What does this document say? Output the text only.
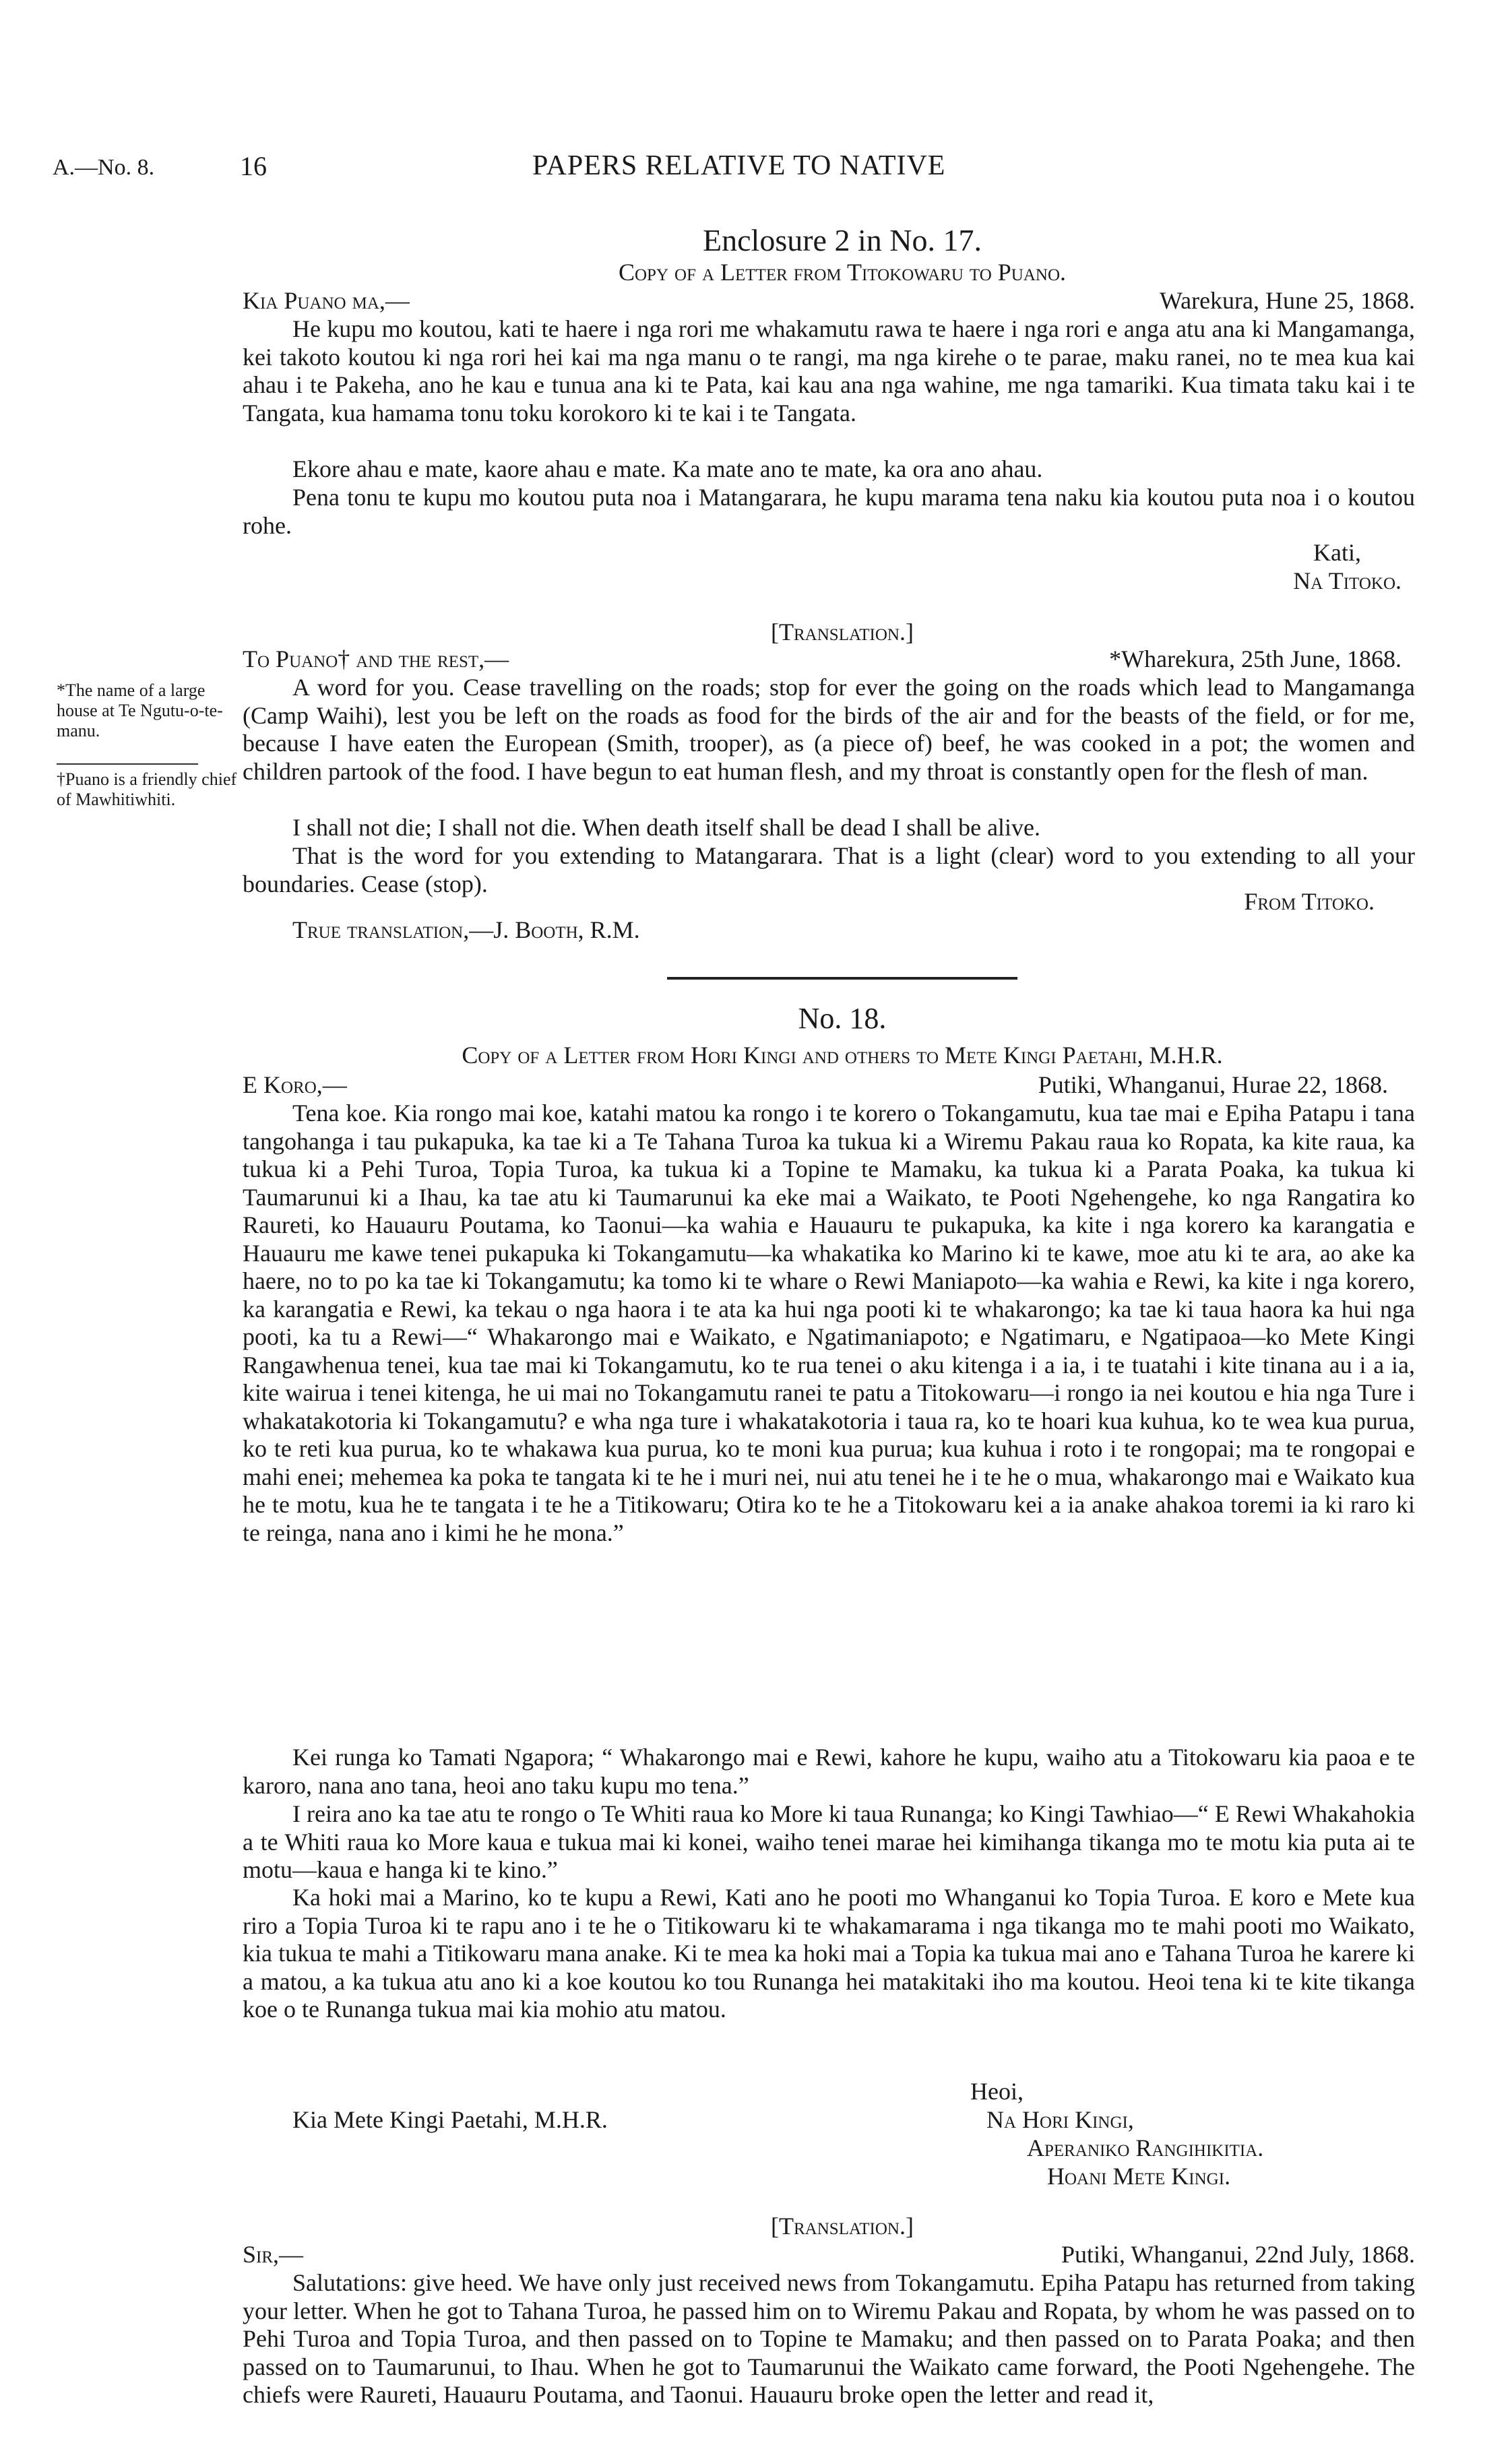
A.—No. 8.	16	PAPERS RELATIVE TO NATIVE
*The name of a large house at Te Ngutu-o-te-manu.
†Puano is a friendly chief of Mawhitiwhiti.
Enclosure 2 in No. 17.
Copy of a Letter from Titokowaru to Puano.
Kia Puano ma,—	Warekura, Hune 25, 1868.
He kupu mo koutou, kati te haere i nga rori me whakamutu rawa te haere i nga rori e anga atu ana ki Mangamanga, kei takoto koutou ki nga rori hei kai ma nga manu o te rangi, ma nga kirehe o te parae, maku ranei, no te mea kua kai ahau i te Pakeha, ano he kau e tunua ana ki te Pata, kai kau ana nga wahine, me nga tamariki. Kua timata taku kai i te Tangata, kua hamama tonu toku korokoro ki te kai i te Tangata.
Ekore ahau e mate, kaore ahau e mate. Ka mate ano te mate, ka ora ano ahau.
Pena tonu te kupu mo koutou puta noa i Matangarara, he kupu marama tena naku kia koutou puta noa i o koutou rohe.
Kati,
Na Titoko.
[Translation.]
To Puano† and the rest,—	*Wharekura, 25th June, 1868.
A word for you. Cease travelling on the roads; stop for ever the going on the roads which lead to Mangamanga (Camp Waihi), lest you be left on the roads as food for the birds of the air and for the beasts of the field, or for me, because I have eaten the European (Smith, trooper), as (a piece of) beef, he was cooked in a pot; the women and children partook of the food. I have begun to eat human flesh, and my throat is constantly open for the flesh of man.
I shall not die; I shall not die. When death itself shall be dead I shall be alive.
That is the word for you extending to Matangarara. That is a light (clear) word to you extending to all your boundaries. Cease (stop).
From Titoko.
True translation,—J. Booth, R.M.
No. 18.
Copy of a Letter from Hori Kingi and others to Mete Kingi Paetahi, M.H.R.
E Koro,—	Putiki, Whanganui, Hurae 22, 1868.
Tena koe. Kia rongo mai koe, katahi matou ka rongo i te korero o Tokangamutu, kua tae mai e Epiha Patapu i tana tangohanga i tau pukapuka, ka tae ki a Te Tahana Turoa ka tukua ki a Wiremu Pakau raua ko Ropata, ka kite raua, ka tukua ki a Pehi Turoa, Topia Turoa, ka tukua ki a Topine te Mamaku, ka tukua ki a Parata Poaka, ka tukua ki Taumarunui ki a Ihau, ka tae atu ki Taumarunui ka eke mai a Waikato, te Pooti Ngehengehe, ko nga Rangatira ko Raureti, ko Hauauru Poutama, ko Taonui—ka wahia e Hauauru te pukapuka, ka kite i nga korero ka karangatia e Hauauru me kawe tenei pukapuka ki Tokangamutu—ka whakatika ko Marino ki te kawe, moe atu ki te ara, ao ake ka haere, no to po ka tae ki Tokangamutu; ka tomo ki te whare o Rewi Maniapoto—ka wahia e Rewi, ka kite i nga korero, ka karangatia e Rewi, ka tekau o nga haora i te ata ka hui nga pooti ki te whakarongo; ka tae ki taua haora ka hui nga pooti, ka tu a Rewi—“ Whakarongo mai e Waikato, e Ngatimaniapoto; e Ngatimaru, e Ngatipaoa—ko Mete Kingi Rangawhenua tenei, kua tae mai ki Tokangamutu, ko te rua tenei o aku kitenga i a ia, i te tuatahi i kite tinana au i a ia, kite wairua i tenei kitenga, he ui mai no Tokangamutu ranei te patu a Titokowaru—i rongo ia nei koutou e hia nga Ture i whakatakotoria ki Tokangamutu? e wha nga ture i whakatakotoria i taua ra, ko te hoari kua kuhua, ko te wea kua purua, ko te reti kua purua, ko te whakawa kua purua, ko te moni kua purua; kua kuhua i roto i te rongopai; ma te rongopai e mahi enei; mehemea ka poka te tangata ki te he i muri nei, nui atu tenei he i te he o mua, whakarongo mai e Waikato kua he te motu, kua he te tangata i te he a Titikowaru; Otira ko te he a Titokowaru kei a ia anake ahakoa toremi ia ki raro ki te reinga, nana ano i kimi he he mona.”
Kei runga ko Tamati Ngapora; “ Whakarongo mai e Rewi, kahore he kupu, waiho atu a Titokowaru kia paoa e te karoro, nana ano tana, heoi ano taku kupu mo tena.”
I reira ano ka tae atu te rongo o Te Whiti raua ko More ki taua Runanga; ko Kingi Tawhiao—“ E Rewi Whakahokia a te Whiti raua ko More kaua e tukua mai ki konei, waiho tenei marae hei kimihanga tikanga mo te motu kia puta ai te motu—kaua e hanga ki te kino.”
Ka hoki mai a Marino, ko te kupu a Rewi, Kati ano he pooti mo Whanganui ko Topia Turoa. E koro e Mete kua riro a Topia Turoa ki te rapu ano i te he o Titikowaru ki te whakamarama i nga tikanga mo te mahi pooti mo Waikato, kia tukua te mahi a Titikowaru mana anake. Ki te mea ka hoki mai a Topia ka tukua mai ano e Tahana Turoa he karere ki a matou, a ka tukua atu ano ki a koe koutou ko tou Runanga hei matakitaki iho ma koutou. Heoi tena ki te kite tikanga koe o te Runanga tukua mai kia mohio atu matou.
Heoi,
Kia Mete Kingi Paetahi, M.H.R.	Na Hori Kingi,
Aperaniko Rangihikitia.
Hoani Mete Kingi.
[Translation.]
Sir,—	Putiki, Whanganui, 22nd July, 1868.
Salutations: give heed. We have only just received news from Tokangamutu. Epiha Patapu has returned from taking your letter. When he got to Tahana Turoa, he passed him on to Wiremu Pakau and Ropata, by whom he was passed on to Pehi Turoa and Topia Turoa, and then passed on to Topine te Mamaku; and then passed on to Parata Poaka; and then passed on to Taumarunui, to Ihau. When he got to Taumarunui the Waikato came forward, the Pooti Ngehengehe. The chiefs were Raureti, Hauauru Poutama, and Taonui. Hauauru broke open the letter and read it,
